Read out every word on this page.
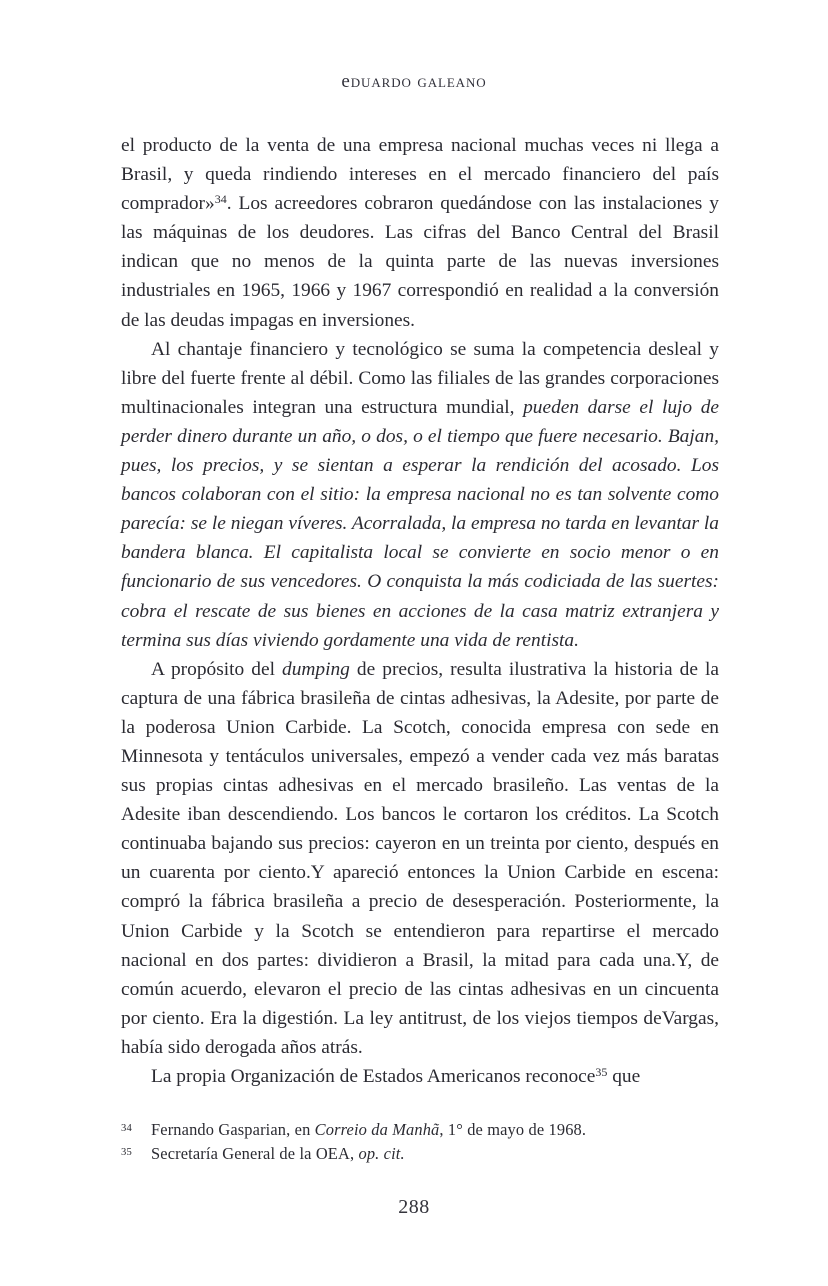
eduardo galeano

el producto de la venta de una empresa nacional muchas veces ni llega a Brasil, y queda rindiendo intereses en el mercado financiero del país comprador»$^{34}$. Los acreedores cobraron quedándose con las instalaciones y las máquinas de los deudores. Las cifras del Banco Central del Brasil indican que no menos de la quinta parte de las nuevas inversiones industriales en 1965, 1966 y 1967 correspondió en realidad a la conversión de las deudas impagas en inversiones.

Al chantaje financiero y tecnológico se suma la competencia desleal y libre del fuerte frente al débil. Como las filiales de las grandes corporaciones multinacionales integran una estructura mundial, pueden darse el lujo de perder dinero durante un año, o dos, o el tiempo que fuere necesario. Bajan, pues, los precios, y se sientan a esperar la rendición del acosado. Los bancos colaboran con el sitio: la empresa nacional no es tan solvente como parecía: se le niegan víveres. Acorralada, la empresa no tarda en levantar la bandera blanca. El capitalista local se convierte en socio menor o en funcionario de sus vencedores. O conquista la más codiciada de las suertes: cobra el rescate de sus bienes en acciones de la casa matriz extranjera y termina sus días viviendo gordamente una vida de rentista.

A propósito del dumping de precios, resulta ilustrativa la historia de la captura de una fábrica brasileña de cintas adhesivas, la Adesite, por parte de la poderosa Union Carbide. La Scotch, conocida empresa con sede en Minnesota y tentáculos universales, empezó a vender cada vez más baratas sus propias cintas adhesivas en el mercado brasileño. Las ventas de la Adesite iban descendiendo. Los bancos le cortaron los créditos. La Scotch continuaba bajando sus precios: cayeron en un treinta por ciento, después en un cuarenta por ciento.Y apareció entonces la Union Carbide en escena: compró la fábrica brasileña a precio de desesperación. Posteriormente, la Union Carbide y la Scotch se entendieron para repartirse el mercado nacional en dos partes: dividieron a Brasil, la mitad para cada una.Y, de común acuerdo, elevaron el precio de las cintas adhesivas en un cincuenta por ciento. Era la digestión. La ley antitrust, de los viejos tiempos deVargas, había sido derogada años atrás.

La propia Organización de Estados Americanos reconoce$^{35}$ que

34 Fernando Gasparian, en Correio da Manhã, 1° de mayo de 1968.
35 Secretaría General de la OEA, op. cit.
288
